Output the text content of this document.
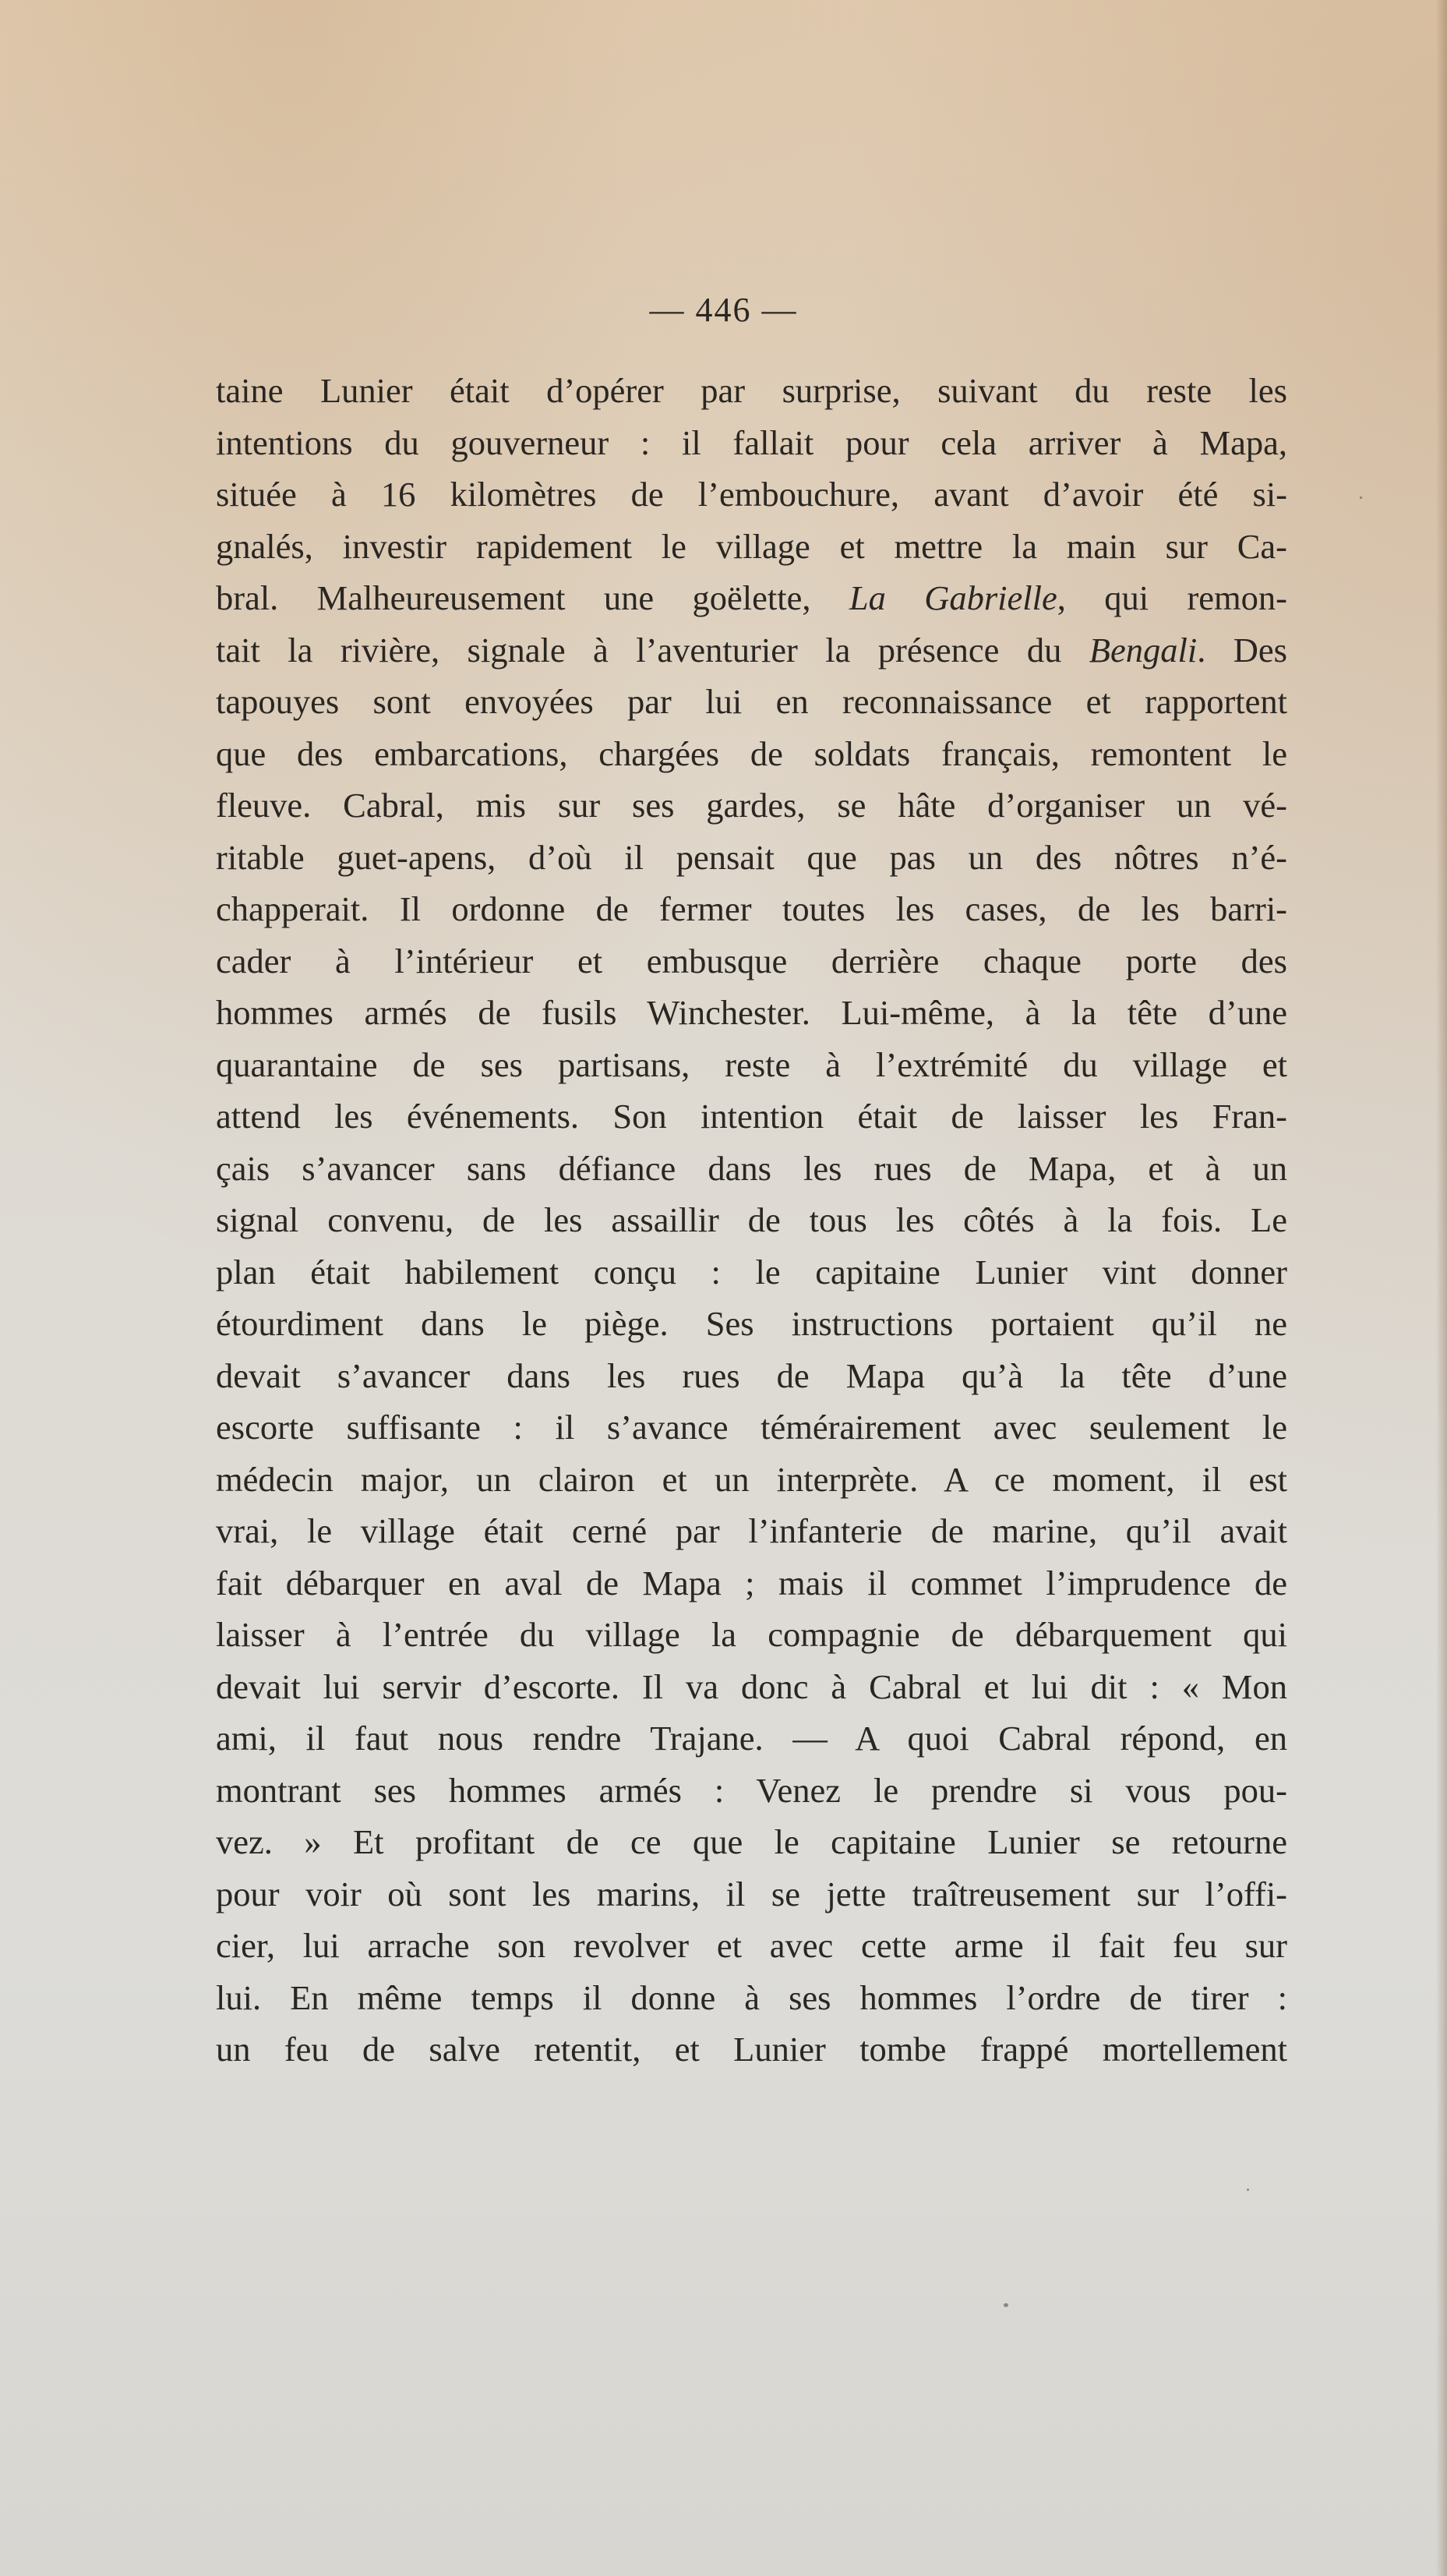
— 446 —
taine Lunier était d’opérer par surprise, suivant du reste les
intentions du gouverneur : il fallait pour cela arriver à Mapa,
située à 16 kilomètres de l’embouchure, avant d’avoir été si-
gnalés, investir rapidement le village et mettre la main sur Ca-
bral. Malheureusement une goëlette, La Gabrielle, qui remon-
tait la rivière, signale à l’aventurier la présence du Bengali. Des
tapouyes sont envoyées par lui en reconnaissance et rapportent
que des embarcations, chargées de soldats français, remontent le
fleuve. Cabral, mis sur ses gardes, se hâte d’organiser un vé-
ritable guet-apens, d’où il pensait que pas un des nôtres n’é-
chapperait. Il ordonne de fermer toutes les cases, de les barri-
cader à l’intérieur et embusque derrière chaque porte des
hommes armés de fusils Winchester. Lui-même, à la tête d’une
quarantaine de ses partisans, reste à l’extrémité du village et
attend les événements. Son intention était de laisser les Fran-
çais s’avancer sans défiance dans les rues de Mapa, et à un
signal convenu, de les assaillir de tous les côtés à la fois. Le
plan était habilement conçu : le capitaine Lunier vint donner
étourdiment dans le piège. Ses instructions portaient qu’il ne
devait s’avancer dans les rues de Mapa qu’à la tête d’une
escorte suffisante : il s’avance témérairement avec seulement le
médecin major, un clairon et un interprète. A ce moment, il est
vrai, le village était cerné par l’infanterie de marine, qu’il avait
fait débarquer en aval de Mapa ; mais il commet l’imprudence de
laisser à l’entrée du village la compagnie de débarquement qui
devait lui servir d’escorte. Il va donc à Cabral et lui dit : « Mon
ami, il faut nous rendre Trajane. — A quoi Cabral répond, en
montrant ses hommes armés : Venez le prendre si vous pou-
vez. » Et profitant de ce que le capitaine Lunier se retourne
pour voir où sont les marins, il se jette traîtreusement sur l’offi-
cier, lui arrache son revolver et avec cette arme il fait feu sur
lui. En même temps il donne à ses hommes l’ordre de tirer :
un feu de salve retentit, et Lunier tombe frappé mortellement
